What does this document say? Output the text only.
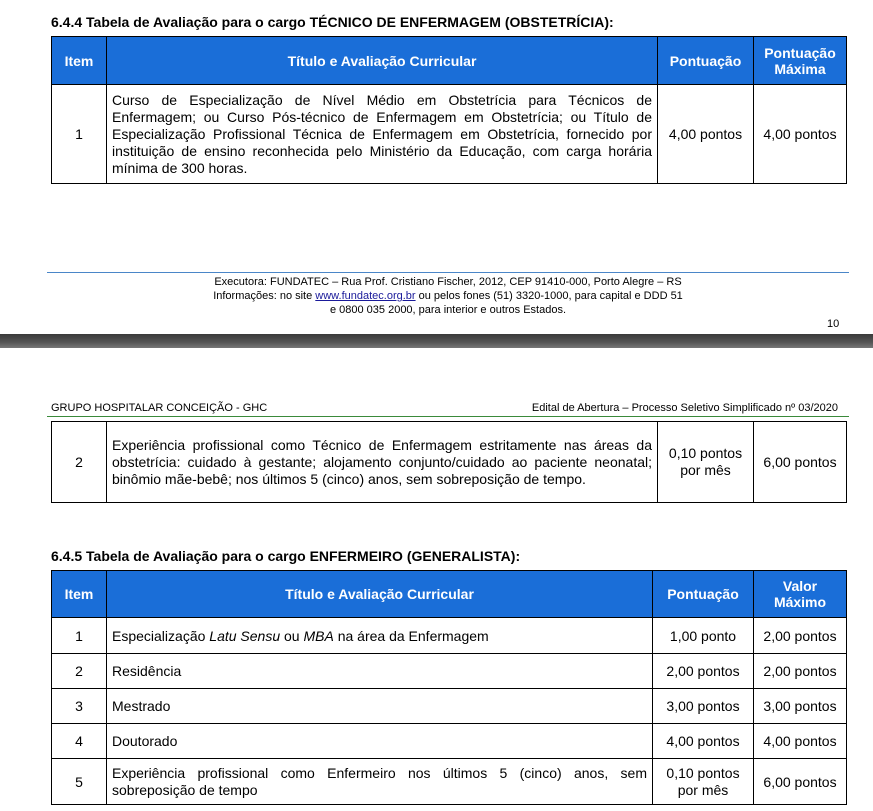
6.4.4 Tabela de Avaliação para o cargo TÉCNICO DE ENFERMAGEM (OBSTETRÍCIA):
Item	Título e Avaliação Curricular	Pontuação	Pontuação Máxima
1	Curso de Especialização de Nível Médio em Obstetrícia para Técnicos de Enfermagem; ou Curso Pós-técnico de Enfermagem em Obstetrícia; ou Título de Especialização Profissional Técnica de Enfermagem em Obstetrícia, fornecido por instituição de ensino reconhecida pelo Ministério da Educação, com carga horária mínima de 300 horas.	4,00 pontos	4,00 pontos
Executora: FUNDATEC – Rua Prof. Cristiano Fischer, 2012, CEP 91410-000, Porto Alegre – RS
Informações: no site www.fundatec.org.br ou pelos fones (51) 3320-1000, para capital e DDD 51
e 0800 035 2000, para interior e outros Estados.
10
GRUPO HOSPITALAR CONCEIÇÃO - GHC	Edital de Abertura – Processo Seletivo Simplificado nº 03/2020
2	Experiência profissional como Técnico de Enfermagem estritamente nas áreas da obstetrícia: cuidado à gestante; alojamento conjunto/cuidado ao paciente neonatal; binômio mãe-bebê; nos últimos 5 (cinco) anos, sem sobreposição de tempo.	0,10 pontos por mês	6,00 pontos
6.4.5 Tabela de Avaliação para o cargo ENFERMEIRO (GENERALISTA):
Item	Título e Avaliação Curricular	Pontuação	Valor Máximo
1	Especialização Latu Sensu ou MBA na área da Enfermagem	1,00 ponto	2,00 pontos
2	Residência	2,00 pontos	2,00 pontos
3	Mestrado	3,00 pontos	3,00 pontos
4	Doutorado	4,00 pontos	4,00 pontos
5	Experiência profissional como Enfermeiro nos últimos 5 (cinco) anos, sem sobreposição de tempo	0,10 pontos por mês	6,00 pontos
